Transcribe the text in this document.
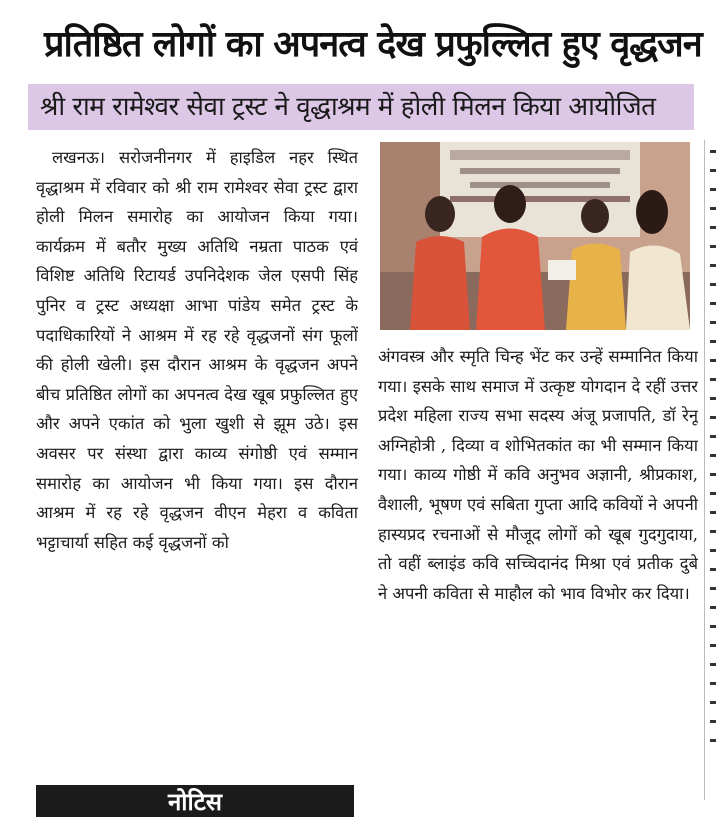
प्रतिष्ठित लोगों का अपनत्व देख प्रफुल्लित हुए वृद्धजन
श्री राम रामेश्वर सेवा ट्रस्ट ने वृद्धाश्रम में होली मिलन किया आयोजित

लखनऊ। सरोजनीनगर में हाइडिल नहर स्थित वृद्धाश्रम में रविवार को श्री राम रामेश्वर सेवा ट्रस्ट द्वारा होली मिलन समारोह का आयोजन किया गया। कार्यक्रम में बतौर मुख्य अतिथि नम्रता पाठक एवं विशिष्ट अतिथि रिटायर्ड उपनिदेशक जेल एसपी सिंह पुनिर व ट्रस्ट अध्यक्षा आभा पांडेय समेत ट्रस्ट के पदाधिकारियों ने आश्रम में रह रहे वृद्धजनों संग फूलों की होली खेली। इस दौरान आश्रम के वृद्धजन अपने बीच प्रतिष्ठित लोगों का अपनत्व देख खूब प्रफुल्लित हुए और अपने एकांत को भुला खुशी से झूम उठे। इस अवसर पर संस्था द्वारा काव्य संगोष्ठी एवं सम्मान समारोह का आयोजन भी किया गया। इस दौरान आश्रम में रह रहे वृद्धजन वीएन मेहरा व कविता भट्टाचार्या सहित कई वृद्धजनों को

अंगवस्त्र और स्मृति चिन्ह भेंट कर उन्हें सम्मानित किया गया। इसके साथ समाज में उत्कृष्ट योगदान दे रहीं उत्तर प्रदेश महिला राज्य सभा सदस्य अंजू प्रजापति, डॉ रेनू अग्निहोत्री , दिव्या व शोभितकांत का भी सम्मान किया गया। काव्य गोष्ठी में कवि अनुभव अज्ञानी, श्रीप्रकाश, वैशाली, भूषण एवं सबिता गुप्ता आदि कवियों ने अपनी हास्यप्रद रचनाओं से मौजूद लोगों को खूब गुदगुदाया, तो वहीं ब्लाइंड कवि सच्चिदानंद मिश्रा एवं प्रतीक दुबे ने अपनी कविता से माहौल को भाव विभोर कर दिया।

नोटिस
